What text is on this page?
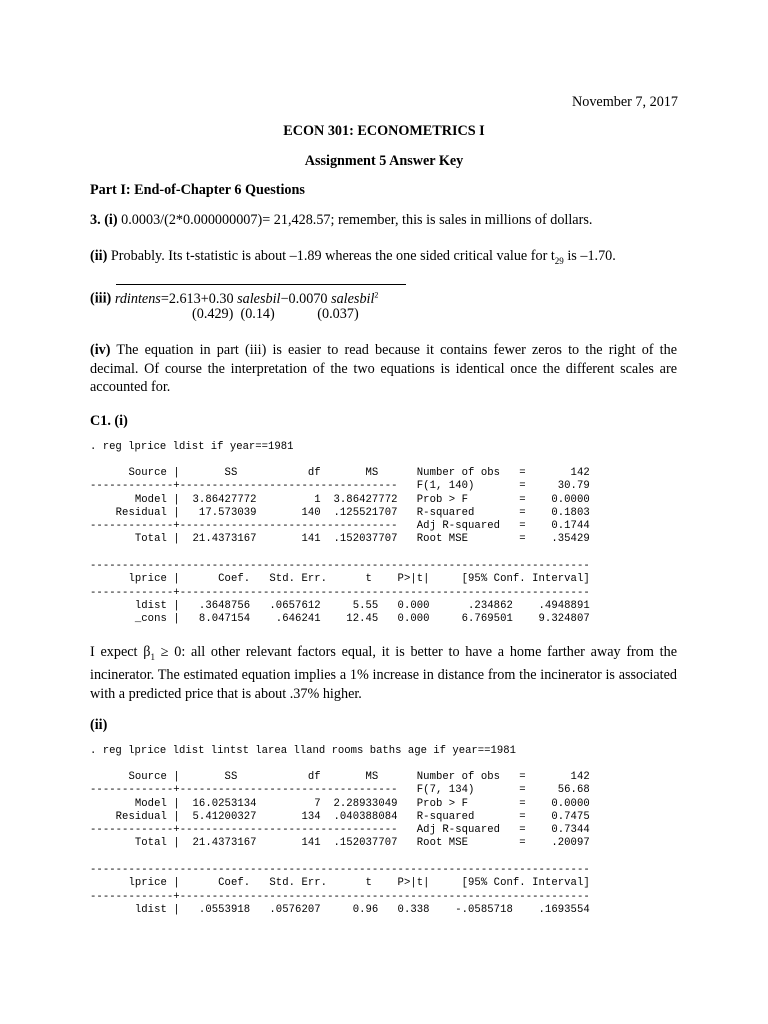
November 7, 2017
ECON 301: ECONOMETRICS I
Assignment 5 Answer Key
Part I: End-of-Chapter 6 Questions
3. (i) 0.0003/(2*0.000000007)= 21,428.57; remember, this is sales in millions of dollars.
(ii) Probably. Its t-statistic is about –1.89 whereas the one sided critical value for $t_{29}$ is –1.70.
(iii) rdintens=2.613+0.30 salesbil−0.0070 salesbil$^2$
(0.429)  (0.14)            (0.037)
(iv) The equation in part (iii) is easier to read because it contains fewer zeros to the right of the decimal. Of course the interpretation of the two equations is identical once the different scales are accounted for.
C1. (i)
. reg lprice ldist if year==1981
Source |       SS           df       MS      Number of obs   =       142
-------------+----------------------------------   F(1, 140)       =     30.79
Model |  3.86427772         1  3.86427772   Prob > F        =    0.0000
Residual |   17.573039       140  .125521707   R-squared       =    0.1803
-------------+----------------------------------   Adj R-squared   =    0.1744
Total |  21.4373167       141  .152037707   Root MSE        =    .35429
------------------------------------------------------------------------------
lprice |      Coef.   Std. Err.      t    P>|t|     [95% Conf. Interval]
-------------+----------------------------------------------------------------
ldist |   .3648756   .0657612     5.55   0.000      .234862    .4948891
_cons |   8.047154    .646241    12.45   0.000     6.769501    9.324807
I expect $\beta_1 \ge 0$: all other relevant factors equal, it is better to have a home farther away from the incinerator. The estimated equation implies a 1% increase in distance from the incinerator is associated with a predicted price that is about .37% higher.
(ii)
. reg lprice ldist lintst larea lland rooms baths age if year==1981
Source |       SS           df       MS      Number of obs   =       142
-------------+----------------------------------   F(7, 134)       =     56.68
Model |  16.0253134         7  2.28933049   Prob > F        =    0.0000
Residual |  5.41200327       134  .040388084   R-squared       =    0.7475
-------------+----------------------------------   Adj R-squared   =    0.7344
Total |  21.4373167       141  .152037707   Root MSE        =    .20097
------------------------------------------------------------------------------
lprice |      Coef.   Std. Err.      t    P>|t|     [95% Conf. Interval]
-------------+----------------------------------------------------------------
ldist |   .0553918   .0576207     0.96   0.338    -.0585718    .1693554
